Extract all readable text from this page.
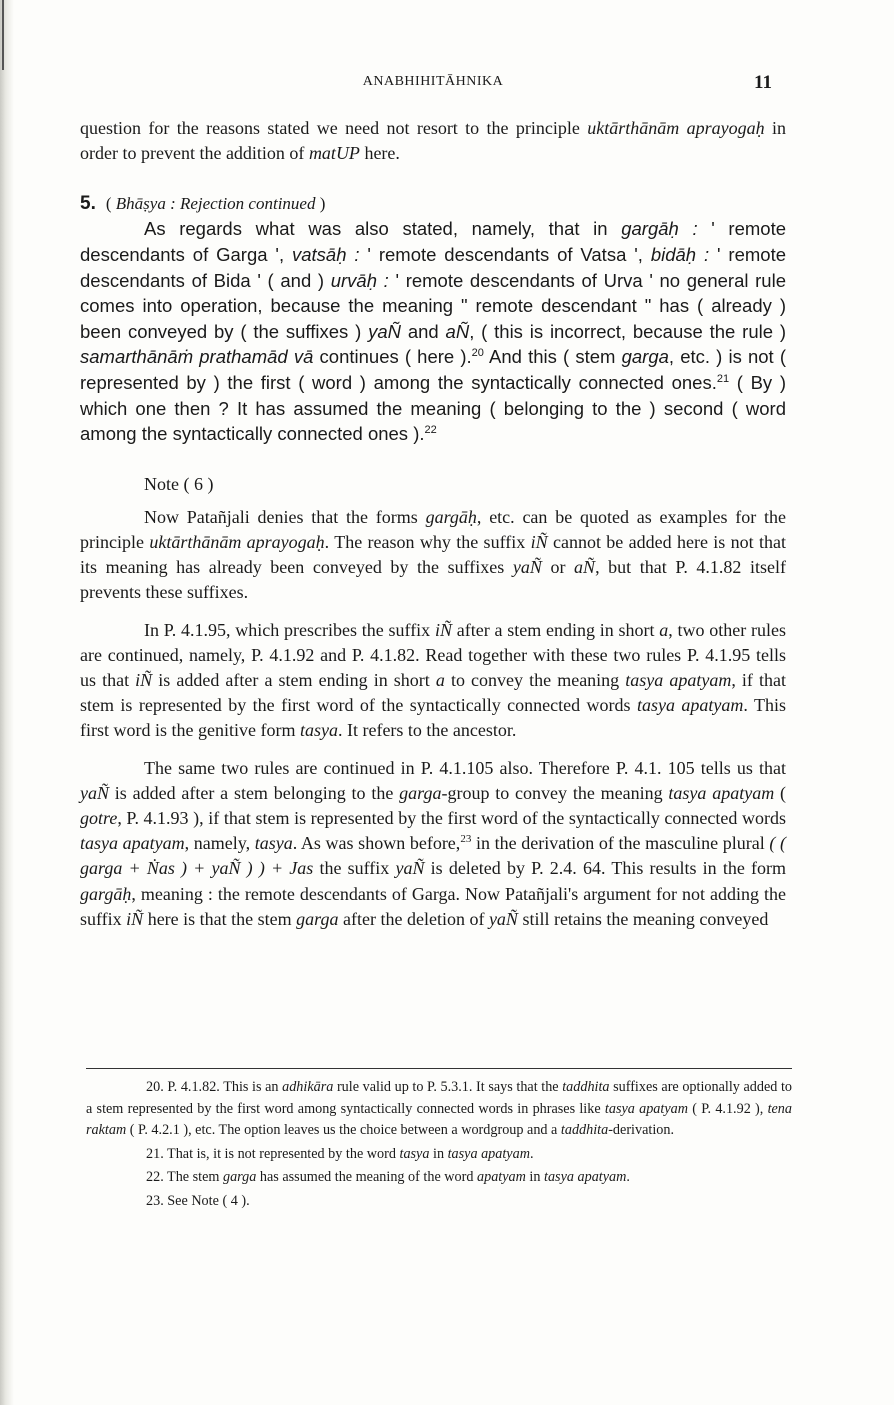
ANABHIHITĀHNIKA	11

question for the reasons stated we need not resort to the principle uktārthānām aprayogaḥ in order to prevent the addition of matUP here.

5. ( Bhāṣya : Rejection continued )

As regards what was also stated, namely, that in gargāḥ : ' remote descendants of Garga ', vatsāḥ : ' remote descendants of Vatsa ', bidāḥ : ' remote descendants of Bida ' ( and ) urvāḥ : ' remote descendants of Urva ' no general rule comes into operation, because the meaning " remote descendant " has ( already ) been conveyed by ( the suffixes ) yaÑ and aÑ, ( this is incorrect, because the rule ) samarthānāṁ prathamād vā continues ( here ).$^{20}$ And this ( stem garga, etc. ) is not ( represented by ) the first ( word ) among the syntactically connected ones.$^{21}$ ( By ) which one then ? It has assumed the meaning ( belonging to the ) second ( word among the syntactically connected ones ).$^{22}$

Note ( 6 )

Now Patañjali denies that the forms gargāḥ, etc. can be quoted as examples for the principle uktārthānām aprayogaḥ. The reason why the suffix iÑ cannot be added here is not that its meaning has already been conveyed by the suffixes yaÑ or aÑ, but that P. 4.1.82 itself prevents these suffixes.

In P. 4.1.95, which prescribes the suffix iÑ after a stem ending in short a, two other rules are continued, namely, P. 4.1.92 and P. 4.1.82. Read together with these two rules P. 4.1.95 tells us that iÑ is added after a stem ending in short a to convey the meaning tasya apatyam, if that stem is represented by the first word of the syntactically connected words tasya apatyam. This first word is the genitive form tasya. It refers to the ancestor.

The same two rules are continued in P. 4.1.105 also. Therefore P. 4.1. 105 tells us that yaÑ is added after a stem belonging to the garga-group to convey the meaning tasya apatyam ( gotre, P. 4.1.93 ), if that stem is represented by the first word of the syntactically connected words tasya apatyam, namely, tasya. As was shown before,$^{23}$ in the derivation of the masculine plural ( ( garga + Ṅas ) + yaÑ ) ) + Jas the suffix yaÑ is deleted by P. 2.4. 64. This results in the form gargāḥ, meaning : the remote descendants of Garga. Now Patañjali's argument for not adding the suffix iÑ here is that the stem garga after the deletion of yaÑ still retains the meaning conveyed

20. P. 4.1.82. This is an adhikāra rule valid up to P. 5.3.1. It says that the taddhita suffixes are optionally added to a stem represented by the first word among syntactically connected words in phrases like tasya apatyam ( P. 4.1.92 ), tena raktam ( P. 4.2.1 ), etc. The option leaves us the choice between a wordgroup and a taddhita-derivation.

21. That is, it is not represented by the word tasya in tasya apatyam.

22. The stem garga has assumed the meaning of the word apatyam in tasya apatyam.

23. See Note ( 4 ).
